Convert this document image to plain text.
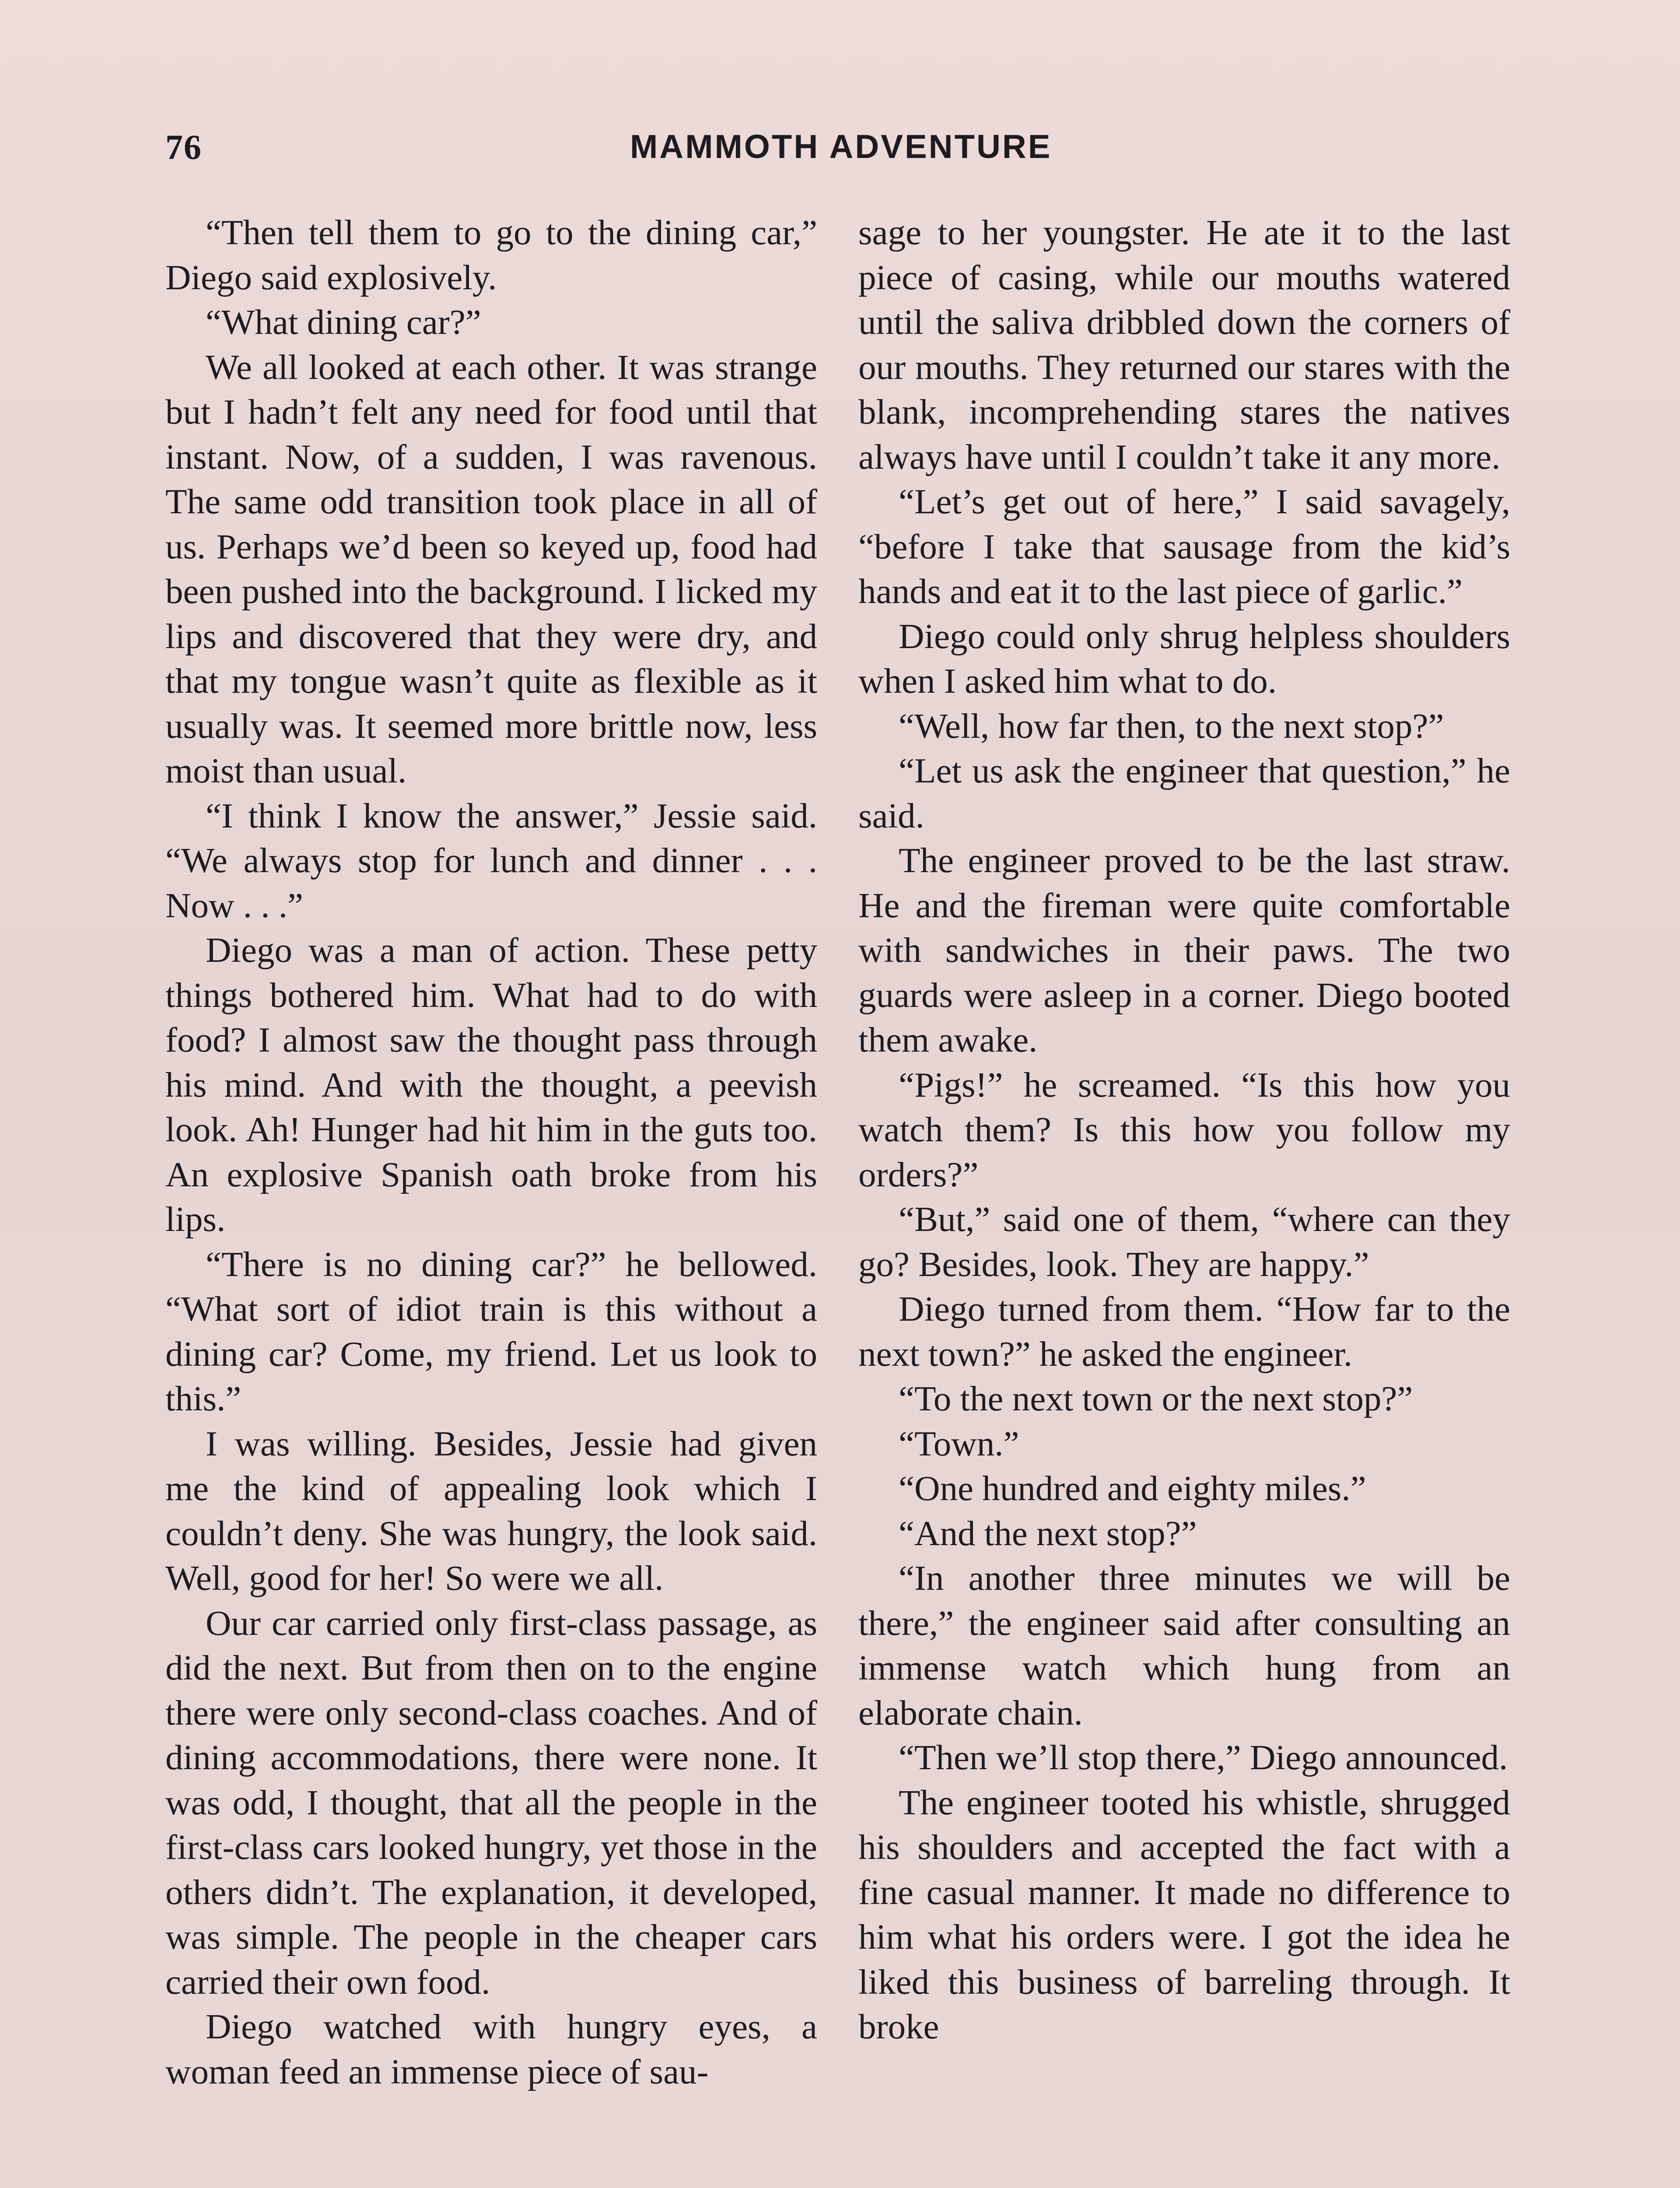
76	MAMMOTH ADVENTURE

“Then tell them to go to the dining car,” Diego said explosively.

“What dining car?”

We all looked at each other. It was strange but I hadn’t felt any need for food until that instant. Now, of a sudden, I was ravenous. The same odd transition took place in all of us. Perhaps we’d been so keyed up, food had been pushed into the background. I licked my lips and discovered that they were dry, and that my tongue wasn’t quite as flexible as it usually was. It seemed more brittle now, less moist than usual.

“I think I know the answer,” Jessie said. “We always stop for lunch and dinner . . . Now . . .”

Diego was a man of action. These petty things bothered him. What had to do with food? I almost saw the thought pass through his mind. And with the thought, a peevish look. Ah! Hunger had hit him in the guts too. An explosive Spanish oath broke from his lips.

“There is no dining car?” he bellowed. “What sort of idiot train is this without a dining car? Come, my friend. Let us look to this.”

I was willing. Besides, Jessie had given me the kind of appealing look which I couldn’t deny. She was hungry, the look said. Well, good for her! So were we all.

Our car carried only first-class passage, as did the next. But from then on to the engine there were only second-class coaches. And of dining accommodations, there were none. It was odd, I thought, that all the people in the first-class cars looked hungry, yet those in the others didn’t. The explanation, it developed, was simple. The people in the cheaper cars carried their own food.

Diego watched with hungry eyes, a woman feed an immense piece of sau-

sage to her youngster. He ate it to the last piece of casing, while our mouths watered until the saliva dribbled down the corners of our mouths. They returned our stares with the blank, incomprehending stares the natives always have until I couldn’t take it any more.

“Let’s get out of here,” I said savagely, “before I take that sausage from the kid’s hands and eat it to the last piece of garlic.”

Diego could only shrug helpless shoulders when I asked him what to do.

“Well, how far then, to the next stop?”

“Let us ask the engineer that question,” he said.

The engineer proved to be the last straw. He and the fireman were quite comfortable with sandwiches in their paws. The two guards were asleep in a corner. Diego booted them awake.

“Pigs!” he screamed. “Is this how you watch them? Is this how you follow my orders?”

“But,” said one of them, “where can they go? Besides, look. They are happy.”

Diego turned from them. “How far to the next town?” he asked the engineer.

“To the next town or the next stop?”

“Town.”

“One hundred and eighty miles.”

“And the next stop?”

“In another three minutes we will be there,” the engineer said after consulting an immense watch which hung from an elaborate chain.

“Then we’ll stop there,” Diego announced.

The engineer tooted his whistle, shrugged his shoulders and accepted the fact with a fine casual manner. It made no difference to him what his orders were. I got the idea he liked this business of barreling through. It broke
